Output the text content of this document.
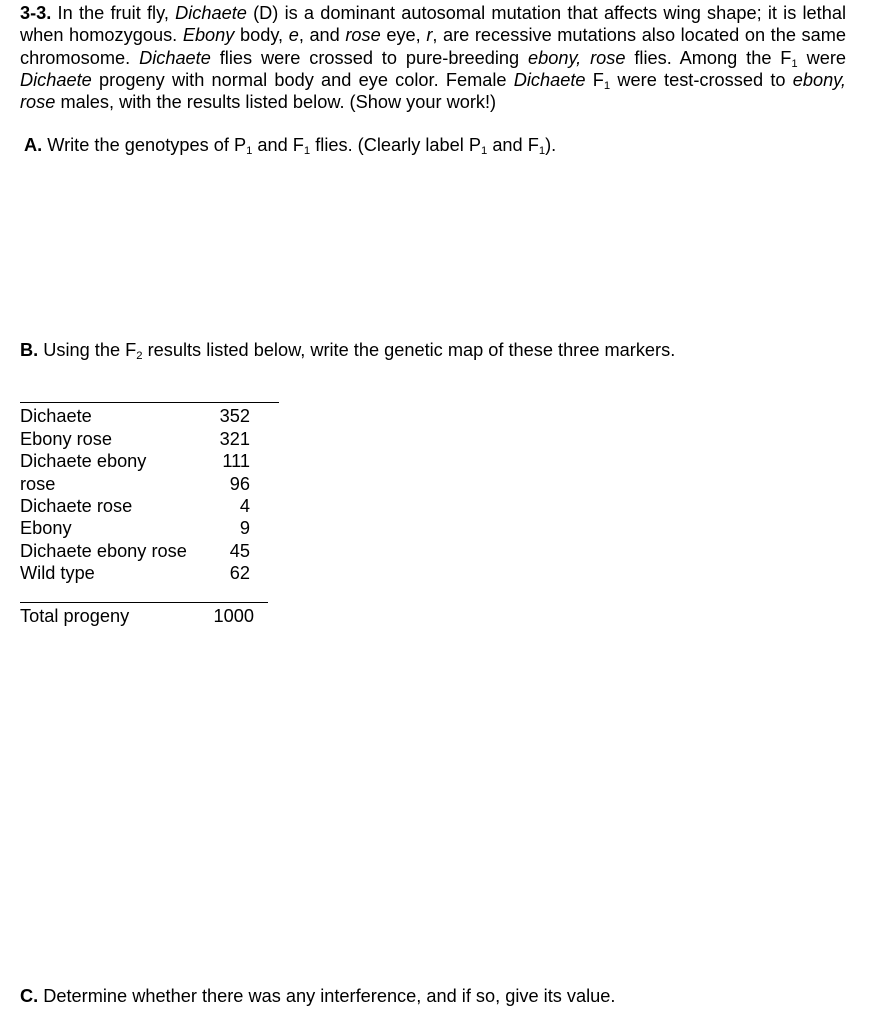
3-3. In the fruit fly, Dichaete (D) is a dominant autosomal mutation that affects wing shape; it is lethal when homozygous. Ebony body, e, and rose eye, r, are recessive mutations also located on the same chromosome. Dichaete flies were crossed to pure-breeding ebony, rose flies. Among the $F_1$ were Dichaete progeny with normal body and eye color. Female Dichaete $F_1$ were test-crossed to ebony, rose males, with the results listed below. (Show your work!)
A. Write the genotypes of $P_1$ and $F_1$ flies. (Clearly label $P_1$ and $F_1$).
B. Using the $F_2$ results listed below, write the genetic map of these three markers.
Dichaete	352
Ebony rose	321
Dichaete ebony	111
rose	96
Dichaete rose	4
Ebony	9
Dichaete ebony rose 45
Wild type	62
Total progeny	1000
C. Determine whether there was any interference, and if so, give its value.
